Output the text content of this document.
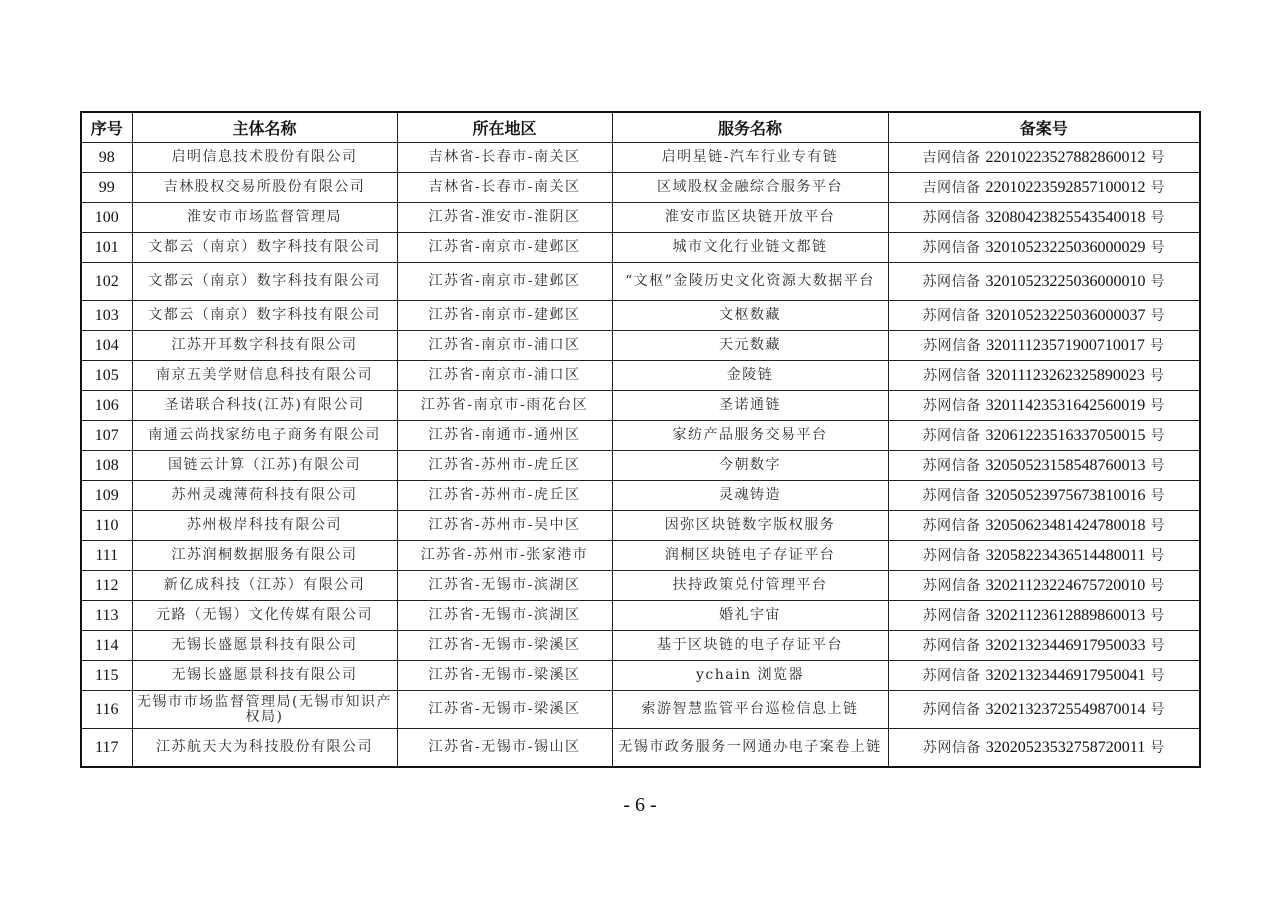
序号	主体名称	所在地区	服务名称	备案号
98	启明信息技术股份有限公司	吉林省-长春市-南关区	启明星链-汽车行业专有链	吉网信备 22010223527882860012 号
99	吉林股权交易所股份有限公司	吉林省-长春市-南关区	区域股权金融综合服务平台	吉网信备 22010223592857100012 号
100	淮安市市场监督管理局	江苏省-淮安市-淮阴区	淮安市监区块链开放平台	苏网信备 32080423825543540018 号
101	文都云（南京）数字科技有限公司	江苏省-南京市-建邺区	城市文化行业链文都链	苏网信备 32010523225036000029 号
102	文都云（南京）数字科技有限公司	江苏省-南京市-建邺区	“文枢”金陵历史文化资源大数据平台	苏网信备 32010523225036000010 号
103	文都云（南京）数字科技有限公司	江苏省-南京市-建邺区	文枢数藏	苏网信备 32010523225036000037 号
104	江苏开耳数字科技有限公司	江苏省-南京市-浦口区	天元数藏	苏网信备 32011123571900710017 号
105	南京五美学财信息科技有限公司	江苏省-南京市-浦口区	金陵链	苏网信备 32011123262325890023 号
106	圣诺联合科技(江苏)有限公司	江苏省-南京市-雨花台区	圣诺通链	苏网信备 32011423531642560019 号
107	南通云尚找家纺电子商务有限公司	江苏省-南通市-通州区	家纺产品服务交易平台	苏网信备 32061223516337050015 号
108	国链云计算（江苏)有限公司	江苏省-苏州市-虎丘区	今朝数字	苏网信备 32050523158548760013 号
109	苏州灵魂薄荷科技有限公司	江苏省-苏州市-虎丘区	灵魂铸造	苏网信备 32050523975673810016 号
110	苏州极岸科技有限公司	江苏省-苏州市-吴中区	因弥区块链数字版权服务	苏网信备 32050623481424780018 号
111	江苏润桐数据服务有限公司	江苏省-苏州市-张家港市	润桐区块链电子存证平台	苏网信备 32058223436514480011 号
112	新亿成科技（江苏）有限公司	江苏省-无锡市-滨湖区	扶持政策兑付管理平台	苏网信备 32021123224675720010 号
113	元路（无锡）文化传媒有限公司	江苏省-无锡市-滨湖区	婚礼宇宙	苏网信备 32021123612889860013 号
114	无锡长盛愿景科技有限公司	江苏省-无锡市-梁溪区	基于区块链的电子存证平台	苏网信备 32021323446917950033 号
115	无锡长盛愿景科技有限公司	江苏省-无锡市-梁溪区	ychain 浏览器	苏网信备 32021323446917950041 号
116	无锡市市场监督管理局(无锡市知识产权局)	江苏省-无锡市-梁溪区	索游智慧监管平台巡检信息上链	苏网信备 32021323725549870014 号
117	江苏航天大为科技股份有限公司	江苏省-无锡市-锡山区	无锡市政务服务一网通办电子案卷上链	苏网信备 32020523532758720011 号
- 6 -
